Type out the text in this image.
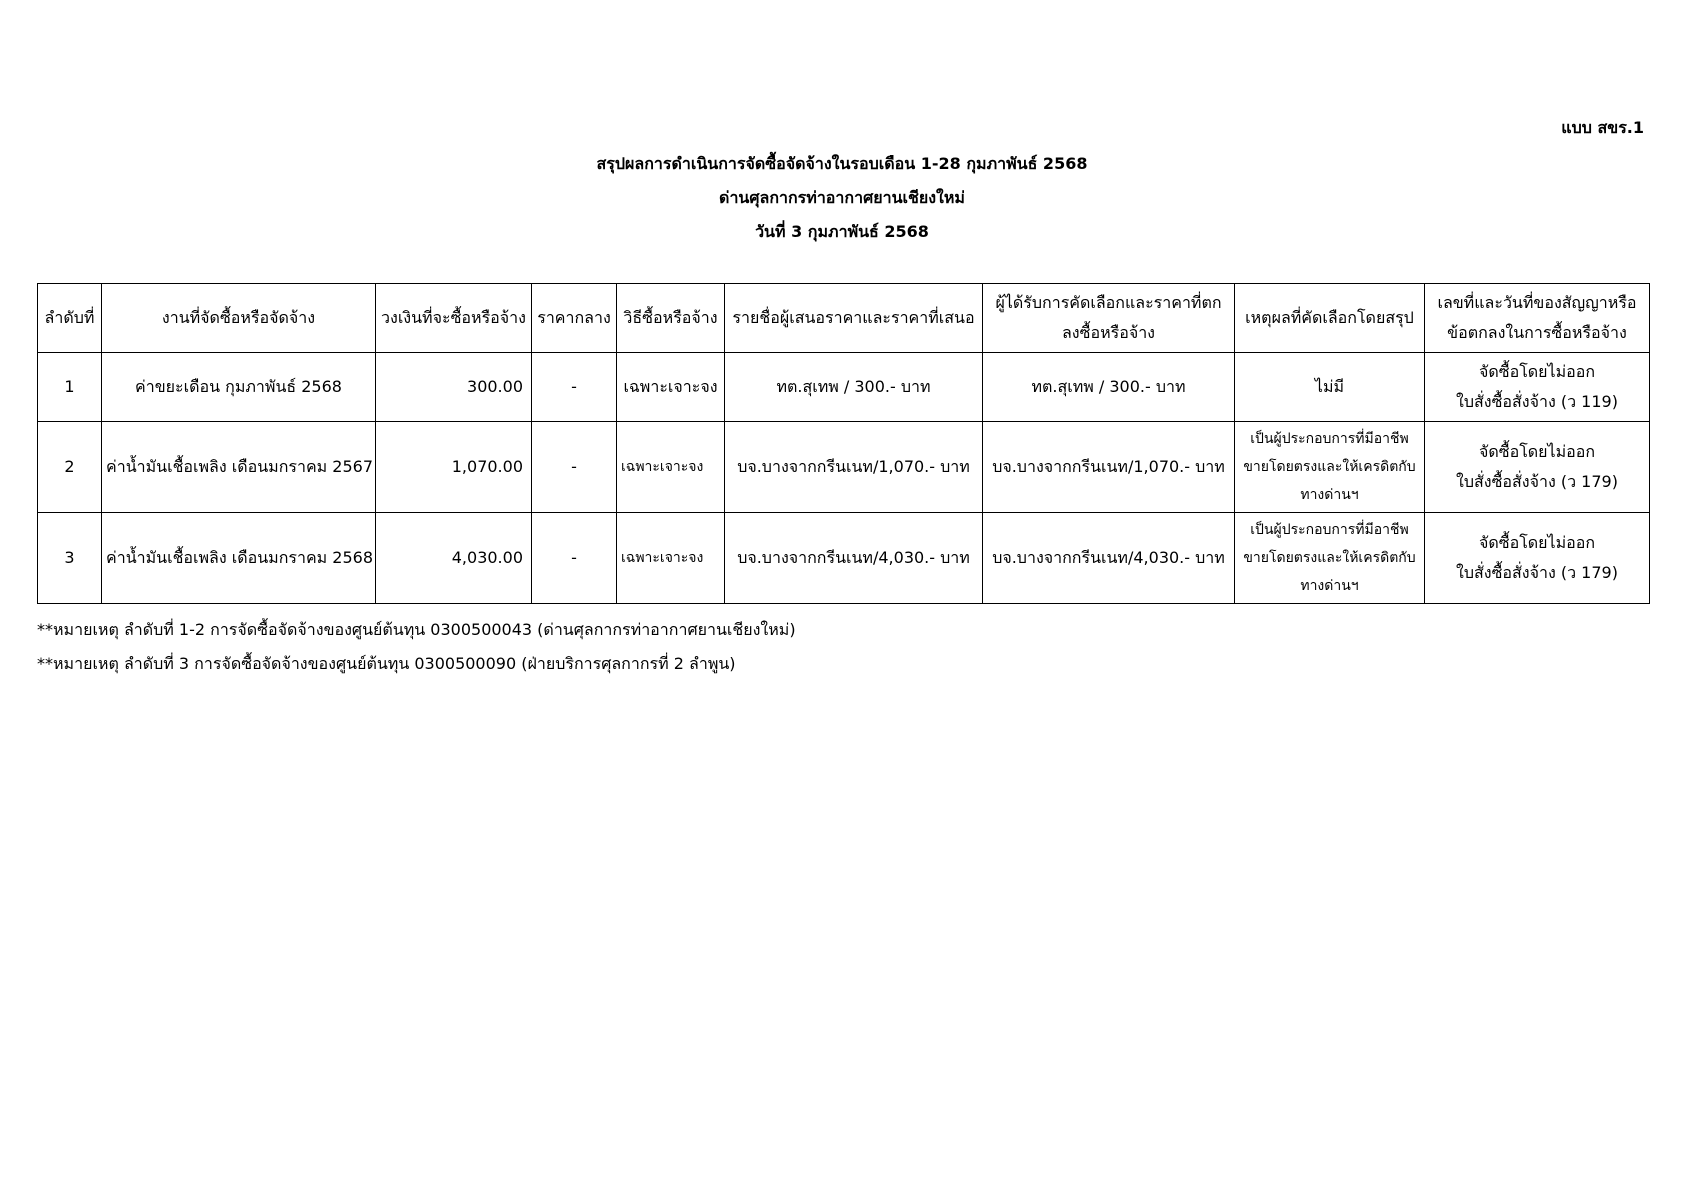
แบบ สขร.1
สรุปผลการดำเนินการจัดซื้อจัดจ้างในรอบเดือน 1-28 กุมภาพันธ์ 2568
ด่านศุลกากรท่าอากาศยานเชียงใหม่
วันที่ 3 กุมภาพันธ์ 2568
ลำดับที่	งานที่จัดซื้อหรือจัดจ้าง	วงเงินที่จะซื้อหรือจ้าง	ราคากลาง	วิธีซื้อหรือจ้าง	รายชื่อผู้เสนอราคาและราคาที่เสนอ	ผู้ได้รับการคัดเลือกและราคาที่ตก
ลงซื้อหรือจ้าง	เหตุผลที่คัดเลือกโดยสรุป	เลขที่และวันที่ของสัญญาหรือ
ข้อตกลงในการซื้อหรือจ้าง

1	ค่าขยะเดือน กุมภาพันธ์ 2568	300.00	-	เฉพาะเจาะจง	ทต.สุเทพ / 300.- บาท	ทต.สุเทพ / 300.- บาท	ไม่มี	จัดซื้อโดยไม่ออก
ใบสั่งซื้อสั่งจ้าง (ว 119)

2	ค่าน้ำมันเชื้อเพลิง เดือนมกราคม 2567	1,070.00	-	เฉพาะเจาะจง	บจ.บางจากกรีนเนท/1,070.- บาท	บจ.บางจากกรีนเนท/1,070.- บาท	เป็นผู้ประกอบการที่มีอาชีพ
ขายโดยตรงและให้เครดิตกับ
ทางด่านฯ	จัดซื้อโดยไม่ออก
ใบสั่งซื้อสั่งจ้าง (ว 179)

3	ค่าน้ำมันเชื้อเพลิง เดือนมกราคม 2568	4,030.00	-	เฉพาะเจาะจง	บจ.บางจากกรีนเนท/4,030.- บาท	บจ.บางจากกรีนเนท/4,030.- บาท	เป็นผู้ประกอบการที่มีอาชีพ
ขายโดยตรงและให้เครดิตกับ
ทางด่านฯ	จัดซื้อโดยไม่ออก
ใบสั่งซื้อสั่งจ้าง (ว 179)
**หมายเหตุ ลำดับที่ 1-2 การจัดซื้อจัดจ้างของศูนย์ต้นทุน 0300500043 (ด่านศุลกากรท่าอากาศยานเชียงใหม่)
**หมายเหตุ ลำดับที่ 3 การจัดซื้อจัดจ้างของศูนย์ต้นทุน 0300500090 (ฝ่ายบริการศุลกากรที่ 2 ลำพูน)
